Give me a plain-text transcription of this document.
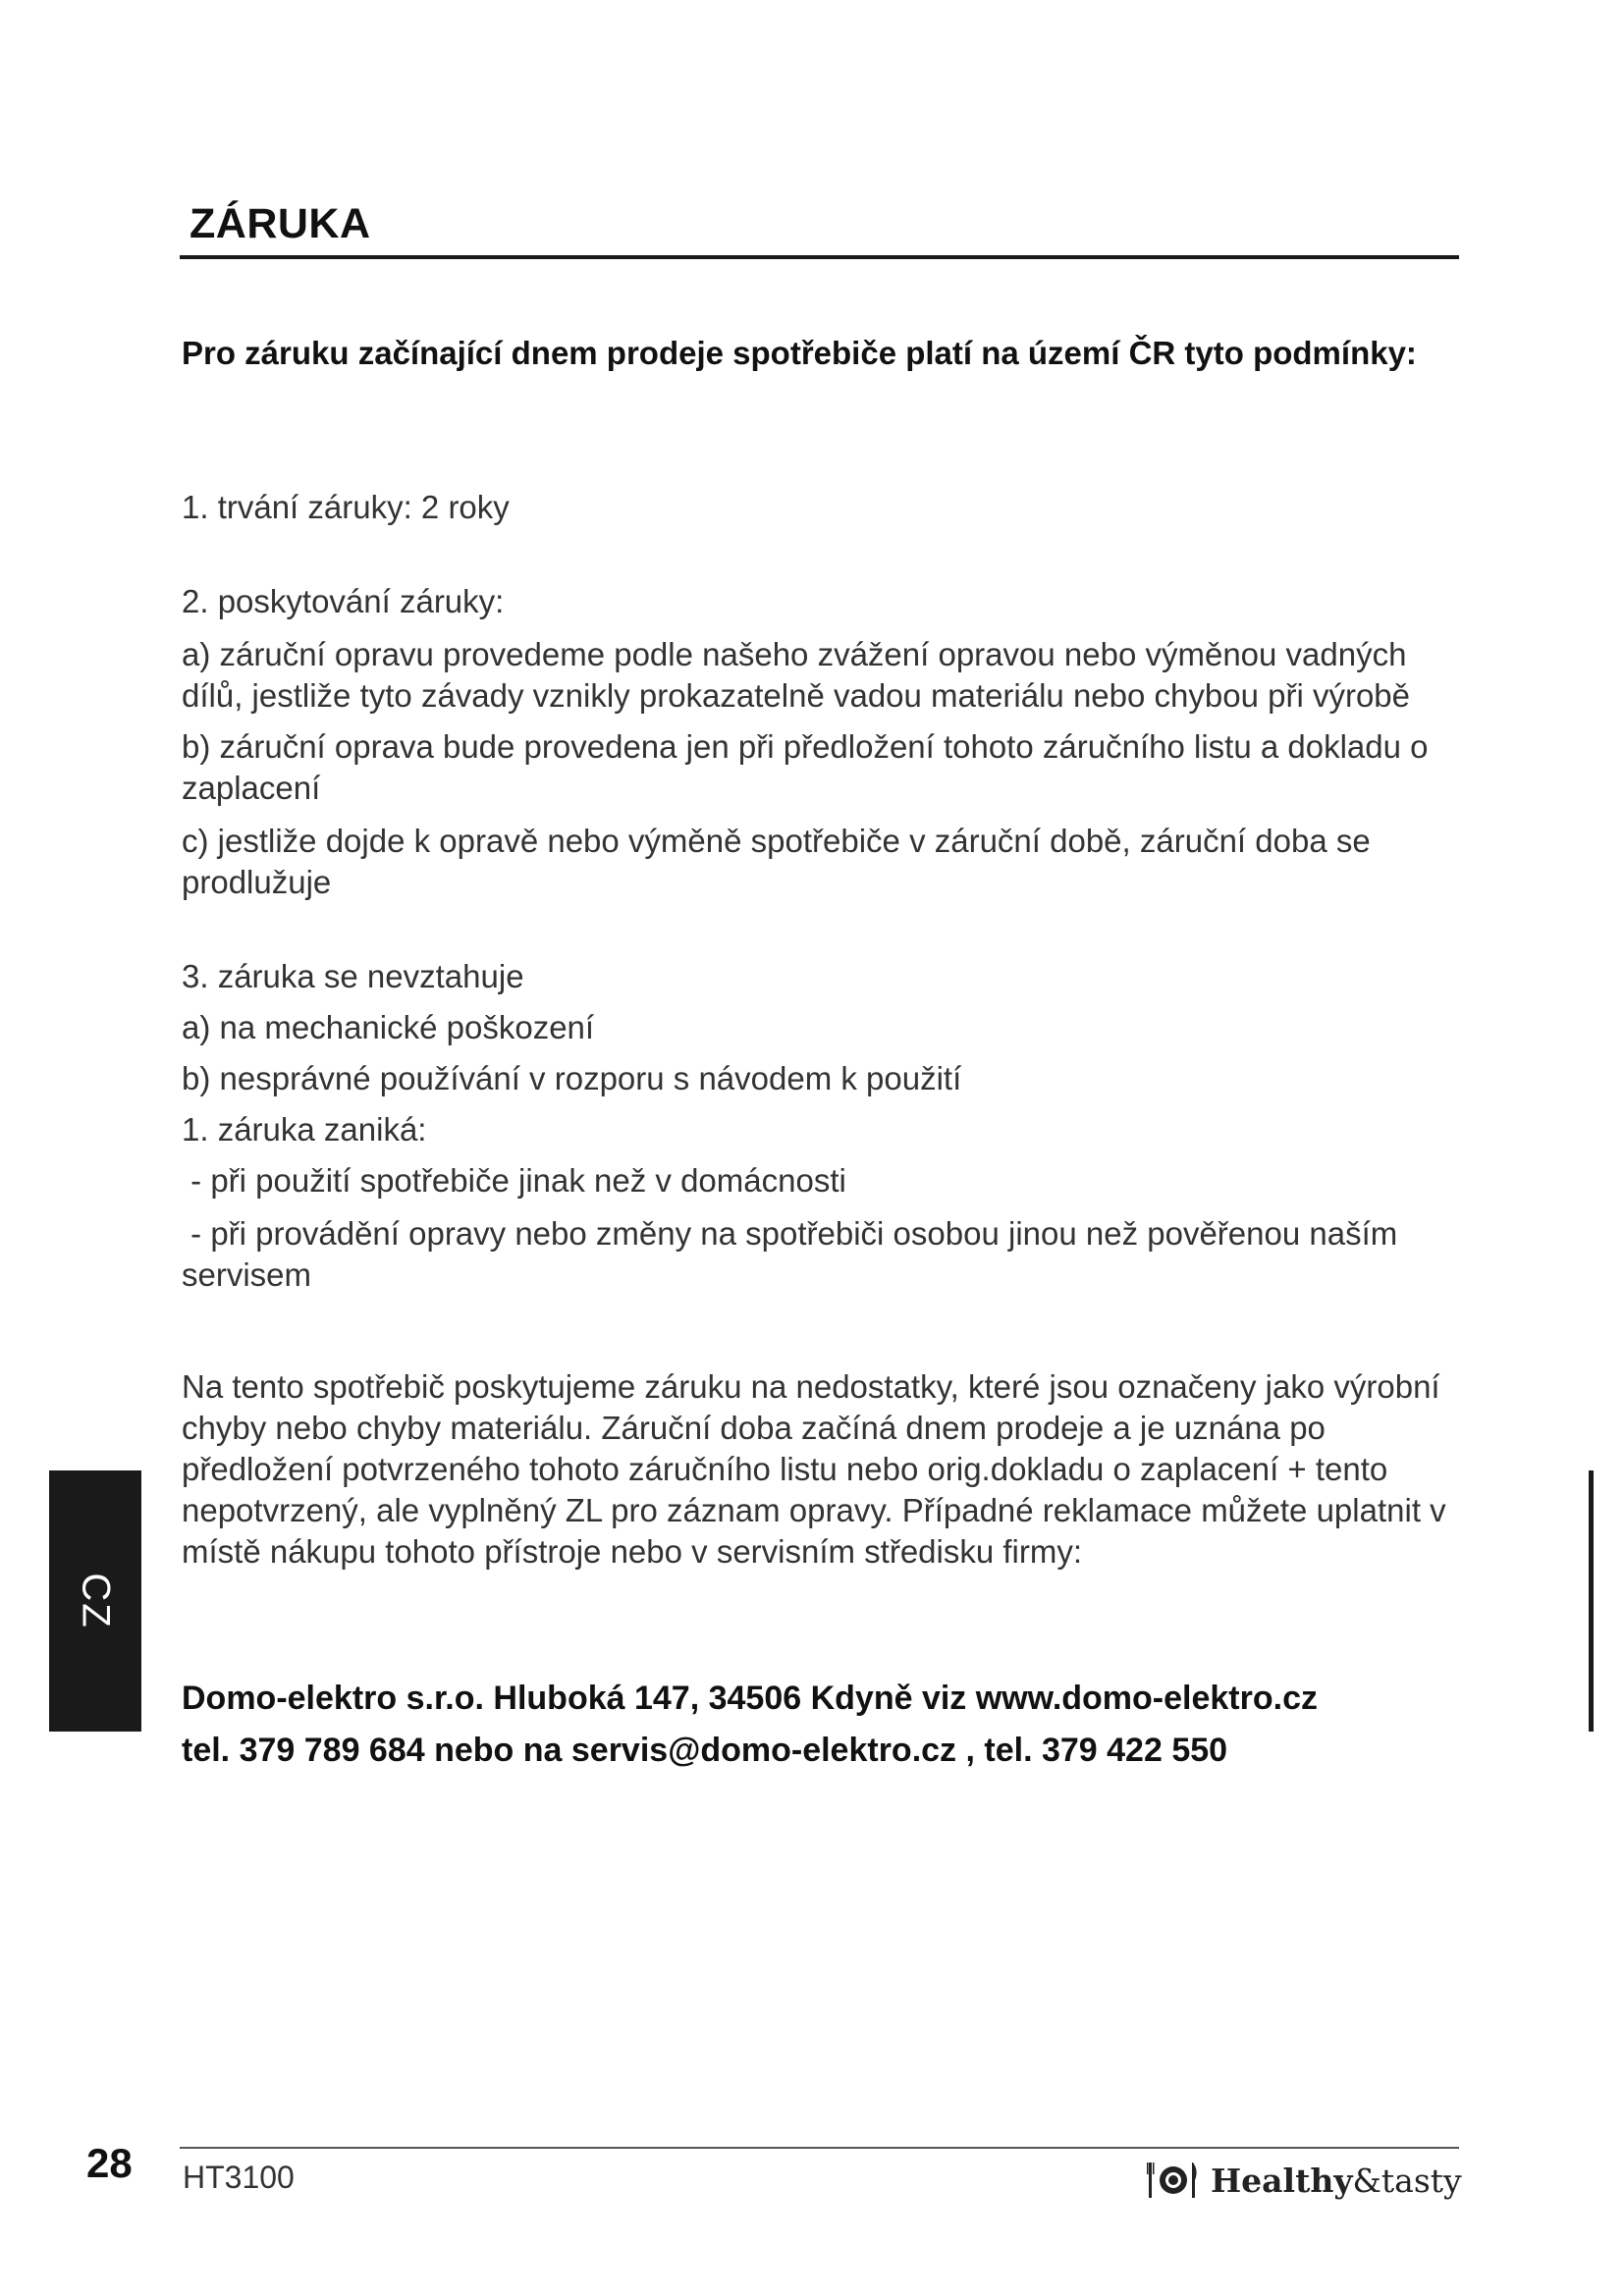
ZÁRUKA
Pro záruku začínající dnem prodeje spotřebiče platí na území ČR tyto podmínky:
1. trvání záruky: 2 roky
2. poskytování záruky:
a) záruční opravu provedeme podle našeho zvážení opravou nebo výměnou vadných dílů, jestliže tyto závady vznikly prokazatelně vadou materiálu nebo chybou při výrobě
b) záruční oprava bude provedena jen při předložení tohoto záručního listu a dokladu o zaplacení
c) jestliže dojde k opravě nebo výměně spotřebiče v záruční době, záruční doba se prodlužuje
3. záruka se nevztahuje
a) na mechanické poškození
b) nesprávné používání v rozporu s návodem k použití
1. záruka zaniká:
- při použití spotřebiče jinak než v domácnosti
- při provádění opravy nebo změny na spotřebiči osobou jinou než pověřenou naším servisem
Na tento spotřebič poskytujeme záruku na nedostatky, které jsou označeny jako výrobní chyby nebo chyby materiálu. Záruční doba začíná dnem prodeje a je uznána po předložení potvrzeného tohoto záručního listu nebo orig.dokladu o zaplacení + tento nepotvrzený, ale vyplněný ZL pro záznam opravy. Případné reklamace můžete uplatnit v místě nákupu tohoto přístroje nebo v servisním středisku firmy:
Domo-elektro s.r.o. Hluboká 147, 34506 Kdyně viz www.domo-elektro.cz
tel. 379 789 684 nebo na servis@domo-elektro.cz , tel. 379 422 550
CZ
28 HT3100	Healthy&tasty
